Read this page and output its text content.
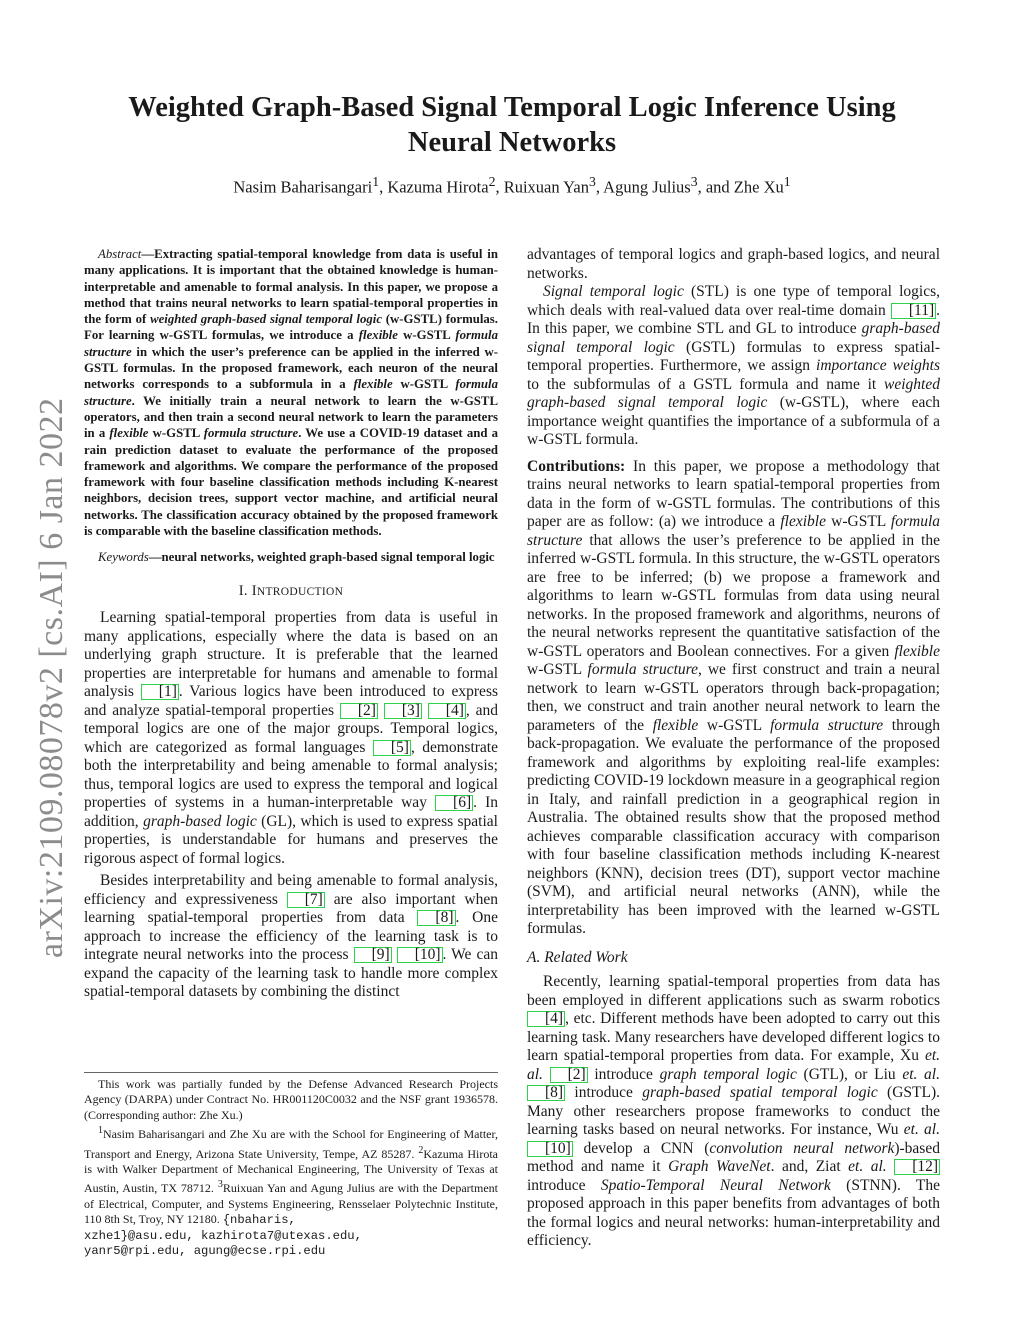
arXiv:2109.08078v2 [cs.AI] 6 Jan 2022
Weighted Graph-Based Signal Temporal Logic Inference Using Neural Networks
Nasim Baharisangari$^1$, Kazuma Hirota$^2$, Ruixuan Yan$^3$, Agung Julius$^3$, and Zhe Xu$^1$

Abstract—Extracting spatial-temporal knowledge from data is useful in many applications. It is important that the obtained knowledge is human-interpretable and amenable to formal analysis. In this paper, we propose a method that trains neural networks to learn spatial-temporal properties in the form of weighted graph-based signal temporal logic (w-GSTL) formulas. For learning w-GSTL formulas, we introduce a flexible w-GSTL formula structure in which the user’s preference can be applied in the inferred w-GSTL formulas. In the proposed framework, each neuron of the neural networks corresponds to a subformula in a flexible w-GSTL formula structure. We initially train a neural network to learn the w-GSTL operators, and then train a second neural network to learn the parameters in a flexible w-GSTL formula structure. We use a COVID-19 dataset and a rain prediction dataset to evaluate the performance of the proposed framework and algorithms. We compare the performance of the proposed framework with four baseline classification methods including K-nearest neighbors, decision trees, support vector machine, and artificial neural networks. The classification accuracy obtained by the proposed framework is comparable with the baseline classification methods.

Keywords—neural networks, weighted graph-based signal temporal logic

I. INTRODUCTION

Learning spatial-temporal properties from data is useful in many applications, especially where the data is based on an underlying graph structure. It is preferable that the learned properties are interpretable for humans and amenable to formal analysis [1] . Various logics have been introduced to express and analyze spatial-temporal properties [2] [3] [4] , and temporal logics are one of the major groups. Temporal logics, which are categorized as formal languages [5] , demonstrate both the interpretability and being amenable to formal analysis; thus, temporal logics are used to express the temporal and logical properties of systems in a human-interpretable way [6] . In addition, graph-based logic (GL), which is used to express spatial properties, is understandable for humans and preserves the rigorous aspect of formal logics.

Besides interpretability and being amenable to formal analysis, efficiency and expressiveness [7] are also important when learning spatial-temporal properties from data [8] . One approach to increase the efficiency of the learning task is to integrate neural networks into the process [9] [10] . We can expand the capacity of the learning task to handle more complex spatial-temporal datasets by combining the distinct

This work was partially funded by the Defense Advanced Research Projects Agency (DARPA) under Contract No. HR001120C0032 and the NSF grant 1936578. (Corresponding author: Zhe Xu.)

$^1$Nasim Baharisangari and Zhe Xu are with the School for Engineering of Matter, Transport and Energy, Arizona State University, Tempe, AZ 85287. $^2$Kazuma Hirota is with Walker Department of Mechanical Engineering, The University of Texas at Austin, Austin, TX 78712. $^3$Ruixuan Yan and Agung Julius are with the Department of Electrical, Computer, and Systems Engineering, Rensselaer Polytechnic Institute, 110 8th St, Troy, NY 12180. {nbaharis,

xzhe1}@asu.edu, kazhirota7@utexas.edu,

yanr5@rpi.edu, agung@ecse.rpi.edu

advantages of temporal logics and graph-based logics, and neural networks.

Signal temporal logic (STL) is one type of temporal logics, which deals with real-valued data over real-time domain [11] . In this paper, we combine STL and GL to introduce graph-based signal temporal logic (GSTL) formulas to express spatial-temporal properties. Furthermore, we assign importance weights to the subformulas of a GSTL formula and name it weighted graph-based signal temporal logic (w-GSTL), where each importance weight quantifies the importance of a subformula of a w-GSTL formula.

Contributions: In this paper, we propose a methodology that trains neural networks to learn spatial-temporal properties from data in the form of w-GSTL formulas. The contributions of this paper are as follow: (a) we introduce a flexible w-GSTL formula structure that allows the user’s preference to be applied in the inferred w-GSTL formula. In this structure, the w-GSTL operators are free to be inferred; (b) we propose a framework and algorithms to learn w-GSTL formulas from data using neural networks. In the proposed framework and algorithms, neurons of the neural networks represent the quantitative satisfaction of the w-GSTL operators and Boolean connectives. For a given flexible w-GSTL formula structure, we first construct and train a neural network to learn w-GSTL operators through back-propagation; then, we construct and train another neural network to learn the parameters of the flexible w-GSTL formula structure through back-propagation. We evaluate the performance of the proposed framework and algorithms by exploiting real-life examples: predicting COVID-19 lockdown measure in a geographical region in Italy, and rainfall prediction in a geographical region in Australia. The obtained results show that the proposed method achieves comparable classification accuracy with comparison with four baseline classification methods including K-nearest neighbors (KNN), decision trees (DT), support vector machine (SVM), and artificial neural networks (ANN), while the interpretability has been improved with the learned w-GSTL formulas.

A. Related Work

Recently, learning spatial-temporal properties from data has been employed in different applications such as swarm robotics [4] , etc. Different methods have been adopted to carry out this learning task. Many researchers have developed different logics to learn spatial-temporal properties from data. For example, Xu et. al. [2] introduce graph temporal logic (GTL), or Liu et. al. [8] introduce graph-based spatial temporal logic (GSTL). Many other researchers propose frameworks to conduct the learning tasks based on neural networks. For instance, Wu et. al. [10] develop a CNN (convolution neural network)-based method and name it Graph WaveNet. and, Ziat et. al. [12] introduce Spatio-Temporal Neural Network (STNN). The proposed approach in this paper benefits from advantages of both the formal logics and neural networks: human-interpretability and efficiency.
